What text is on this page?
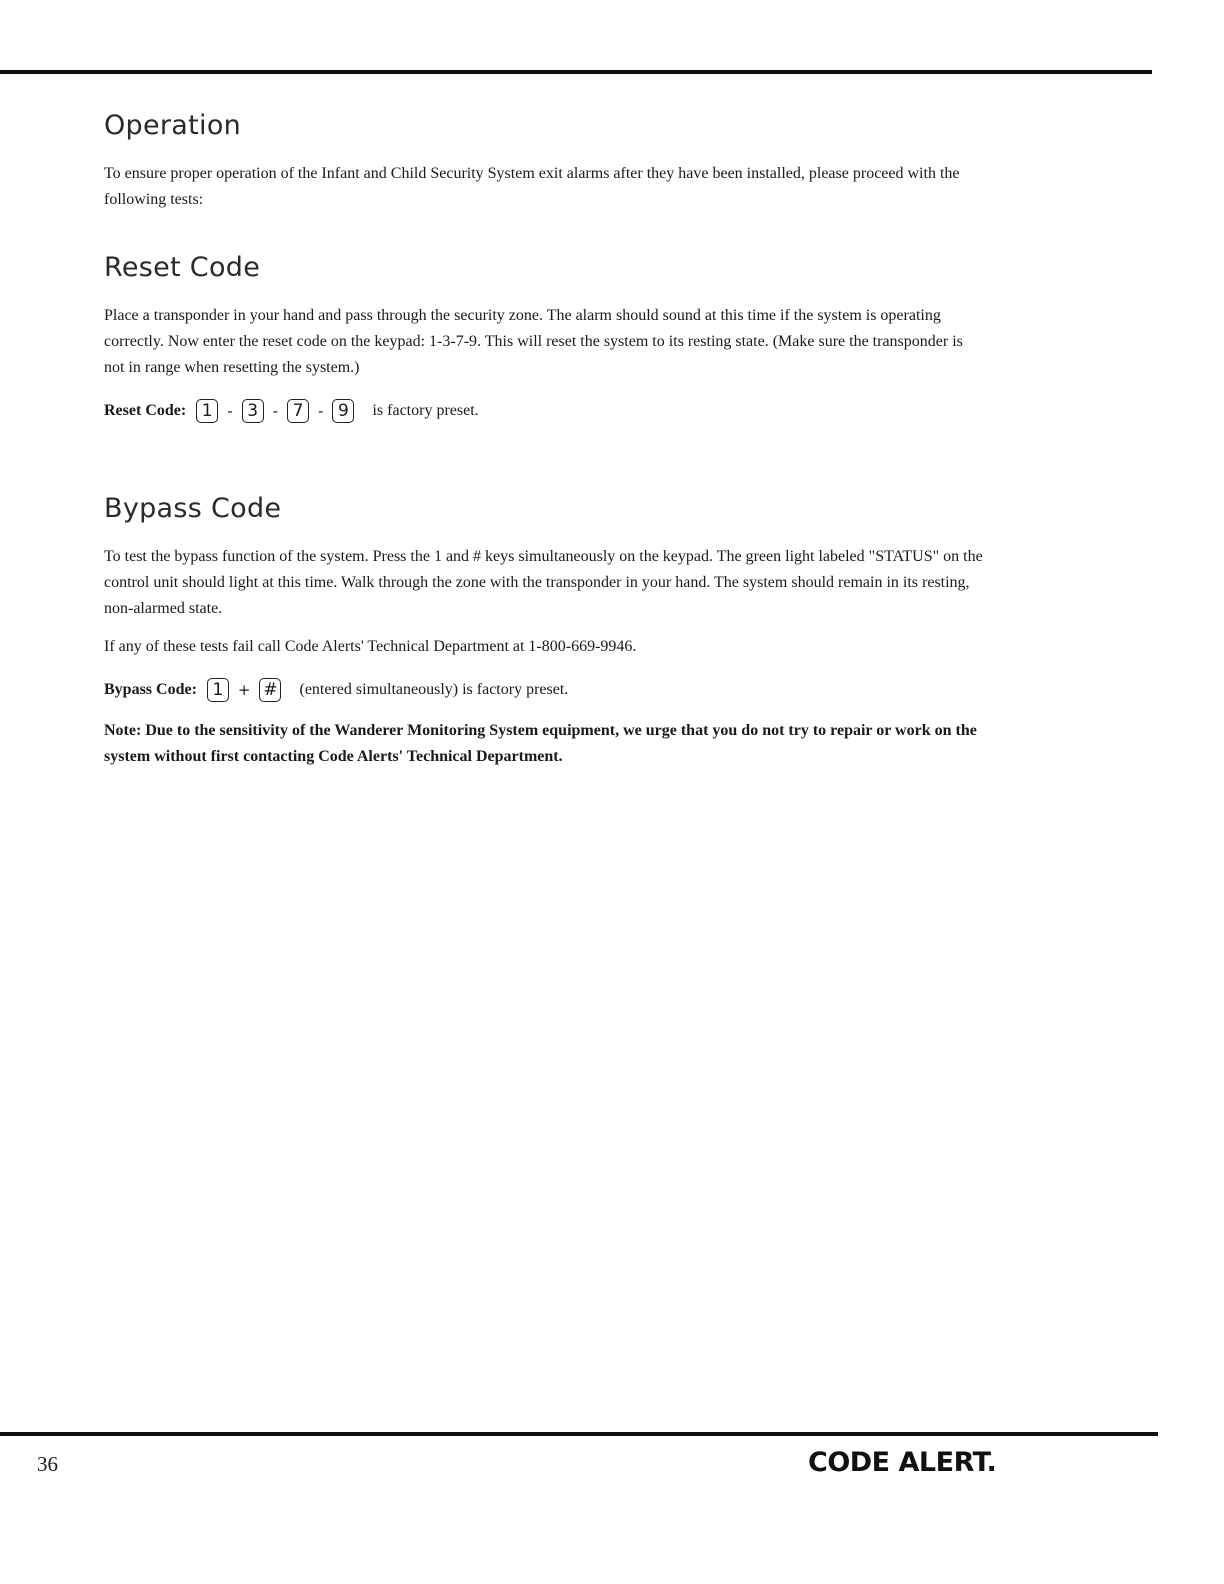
Operation

To ensure proper operation of the Infant and Child Security System exit alarms after they have been installed, please proceed with the following tests:

Reset Code

Place a transponder in your hand and pass through the security zone. The alarm should sound at this time if the system is operating correctly. Now enter the reset code on the keypad: 1-3-7-9. This will reset the system to its resting state. (Make sure the transponder is not in range when resetting the system.)

Reset Code: 1 - 3 - 7 - 9	is factory preset.
Bypass Code

To test the bypass function of the system. Press the 1 and # keys simultaneously on the keypad. The green light labeled "STATUS" on the control unit should light at this time. Walk through the zone with the transponder in your hand. The system should remain in its resting, non-alarmed state.

If any of these tests fail call Code Alerts' Technical Department at 1-800-669-9946.

Bypass Code: 1 + # (entered simultaneously) is factory preset.

Note: Due to the sensitivity of the Wanderer Monitoring System equipment, we urge that you do not try to repair or work on the system without first contacting Code Alerts' Technical Department.

36	CODE ALERT.
